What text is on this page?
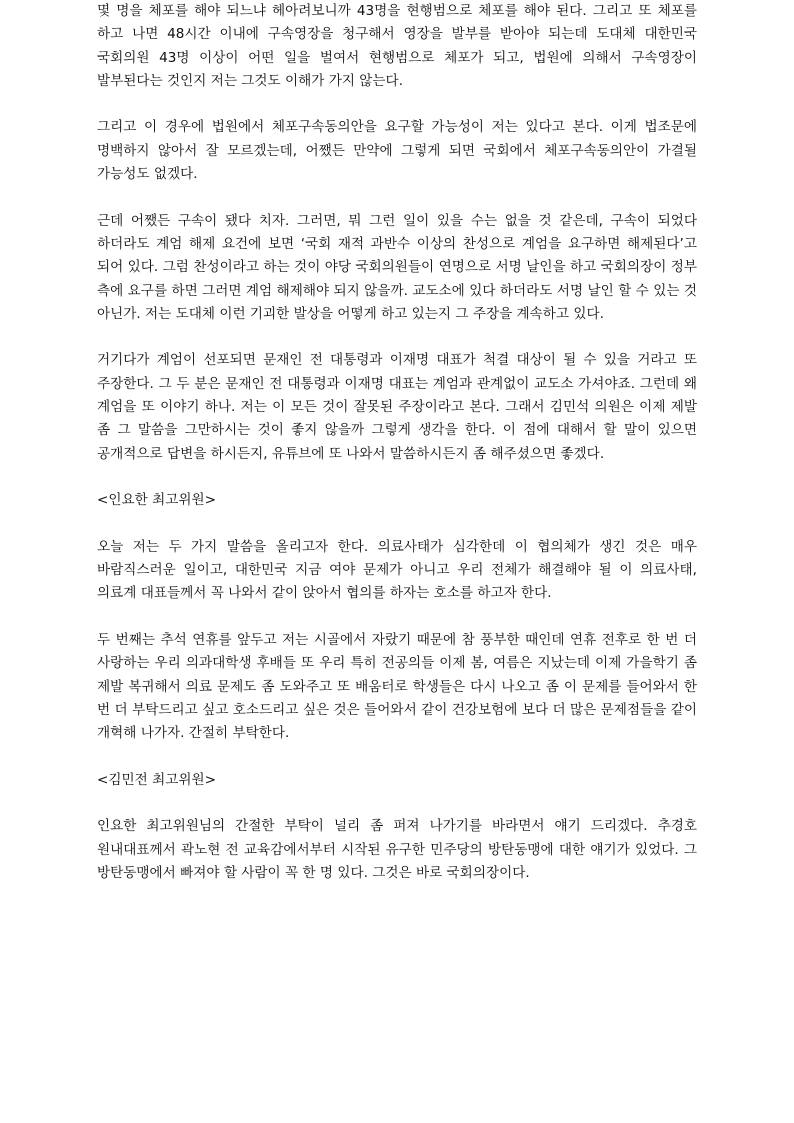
몇 명을 체포를 해야 되느냐 헤아려보니까 43명을 현행범으로 체포를 해야 된다. 그리고 또 체포를 하고 나면 48시간 이내에 구속영장을 청구해서 영장을 발부를 받아야 되는데 도대체 대한민국 국회의원 43명 이상이 어떤 일을 벌여서 현행범으로 체포가 되고, 법원에 의해서 구속영장이 발부된다는 것인지 저는 그것도 이해가 가지 않는다.

그리고 이 경우에 법원에서 체포구속동의안을 요구할 가능성이 저는 있다고 본다. 이게 법조문에 명백하지 않아서 잘 모르겠는데, 어쨌든 만약에 그렇게 되면 국회에서 체포구속동의안이 가결될 가능성도 없겠다.

근데 어쨌든 구속이 됐다 치자. 그러면, 뭐 그런 일이 있을 수는 없을 것 같은데, 구속이 되었다 하더라도 계엄 해제 요건에 보면 ‘국회 재적 과반수 이상의 찬성으로 계엄을 요구하면 해제된다’고 되어 있다. 그럼 찬성이라고 하는 것이 야당 국회의원들이 연명으로 서명 날인을 하고 국회의장이 정부 측에 요구를 하면 그러면 계엄 해제해야 되지 않을까. 교도소에 있다 하더라도 서명 날인 할 수 있는 것 아닌가. 저는 도대체 이런 기괴한 발상을 어떻게 하고 있는지 그 주장을 계속하고 있다.

거기다가 계엄이 선포되면 문재인 전 대통령과 이재명 대표가 척결 대상이 될 수 있을 거라고 또 주장한다. 그 두 분은 문재인 전 대통령과 이재명 대표는 계엄과 관계없이 교도소 가셔야죠. 그런데 왜 계엄을 또 이야기 하나. 저는 이 모든 것이 잘못된 주장이라고 본다. 그래서 김민석 의원은 이제 제발 좀 그 말씀을 그만하시는 것이 좋지 않을까 그렇게 생각을 한다. 이 점에 대해서 할 말이 있으면 공개적으로 답변을 하시든지, 유튜브에 또 나와서 말씀하시든지 좀 해주셨으면 좋겠다.

<인요한 최고위원>

오늘 저는 두 가지 말씀을 올리고자 한다. 의료사태가 심각한데 이 협의체가 생긴 것은 매우 바람직스러운 일이고, 대한민국 지금 여야 문제가 아니고 우리 전체가 해결해야 될 이 의료사태, 의료계 대표들께서 꼭 나와서 같이 앉아서 협의를 하자는 호소를 하고자 한다.

두 번째는 추석 연휴를 앞두고 저는 시골에서 자랐기 때문에 참 풍부한 때인데 연휴 전후로 한 번 더 사랑하는 우리 의과대학생 후배들 또 우리 특히 전공의들 이제 봄, 여름은 지났는데 이제 가을학기 좀 제발 복귀해서 의료 문제도 좀 도와주고 또 배움터로 학생들은 다시 나오고 좀 이 문제를 들어와서 한 번 더 부탁드리고 싶고 호소드리고 싶은 것은 들어와서 같이 건강보험에 보다 더 많은 문제점들을 같이 개혁해 나가자. 간절히 부탁한다.

<김민전 최고위원>

인요한 최고위원님의 간절한 부탁이 널리 좀 퍼져 나가기를 바라면서 얘기 드리겠다. 추경호 원내대표께서 곽노현 전 교육감에서부터 시작된 유구한 민주당의 방탄동맹에 대한 얘기가 있었다. 그 방탄동맹에서 빠져야 할 사람이 꼭 한 명 있다. 그것은 바로 국회의장이다.
